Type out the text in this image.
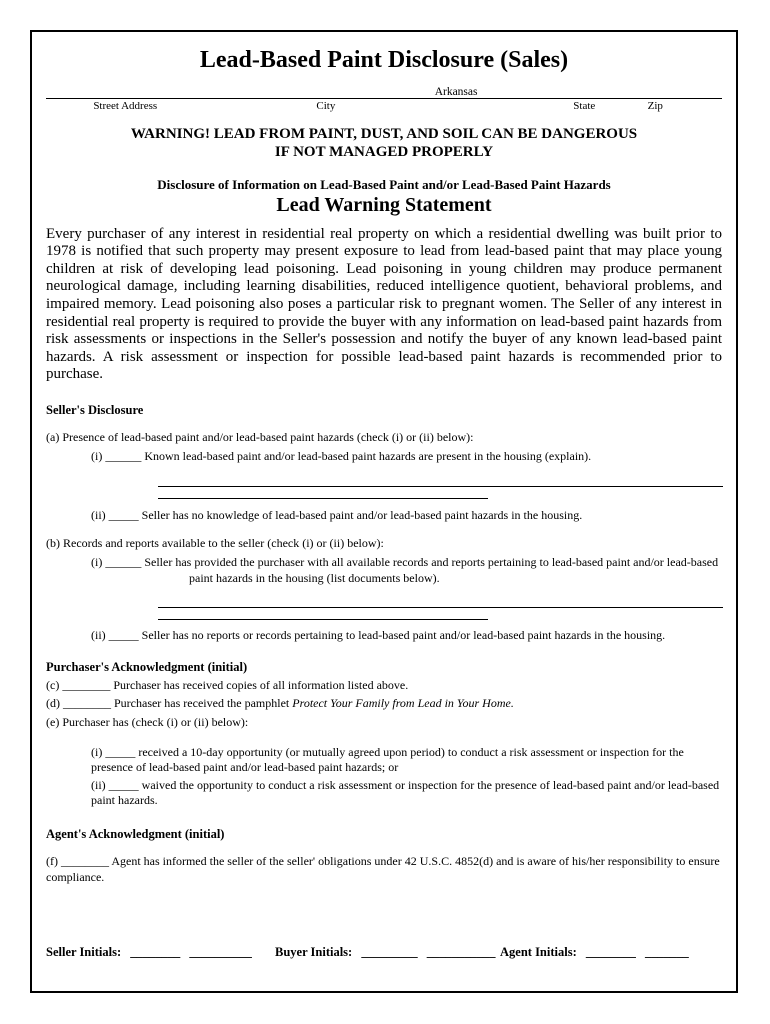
Lead-Based Paint Disclosure (Sales)
Arkansas
Street Address	City	State	Zip
WARNING! LEAD FROM PAINT, DUST, AND SOIL CAN BE DANGEROUS
IF NOT MANAGED PROPERLY
Disclosure of Information on Lead-Based Paint and/or Lead-Based Paint Hazards
Lead Warning Statement
Every purchaser of any interest in residential real property on which a residential dwelling was built prior to 1978 is notified that such property may present exposure to lead from lead-based paint that may place young children at risk of developing lead poisoning. Lead poisoning in young children may produce permanent neurological damage, including learning disabilities, reduced intelligence quotient, behavioral problems, and impaired memory. Lead poisoning also poses a particular risk to pregnant women. The Seller of any interest in residential real property is required to provide the buyer with any information on lead-based paint hazards from risk assessments or inspections in the Seller's possession and notify the buyer of any known lead-based paint hazards. A risk assessment or inspection for possible lead-based paint hazards is recommended prior to purchase.
Seller's Disclosure
(a) Presence of lead-based paint and/or lead-based paint hazards (check (i) or (ii) below):
(i) ______ Known lead-based paint and/or lead-based paint hazards are present in the housing (explain).
(ii) _____ Seller has no knowledge of lead-based paint and/or lead-based paint hazards in the housing.
(b) Records and reports available to the seller (check (i) or (ii) below):
(i) ______ Seller has provided the purchaser with all available records and reports pertaining to lead-based paint and/or lead-based paint hazards in the housing (list documents below).
(ii) _____ Seller has no reports or records pertaining to lead-based paint and/or lead-based paint hazards in the housing.
Purchaser's Acknowledgment (initial)
(c) ________ Purchaser has received copies of all information listed above.
(d) ________ Purchaser has received the pamphlet Protect Your Family from Lead in Your Home.
(e) Purchaser has (check (i) or (ii) below):
(i) _____ received a 10-day opportunity (or mutually agreed upon period) to conduct a risk assessment or inspection for the presence of lead-based paint and/or lead-based paint hazards; or
(ii) _____ waived the opportunity to conduct a risk assessment or inspection for the presence of lead-based paint and/or lead-based paint hazards.
Agent's Acknowledgment (initial)
(f) ________ Agent has informed the seller of the seller' obligations under 42 U.S.C. 4852(d) and is aware of his/her responsibility to ensure compliance.
Seller Initials: ________ __________	Buyer Initials: _________ ___________ Agent Initials: ________ _______
